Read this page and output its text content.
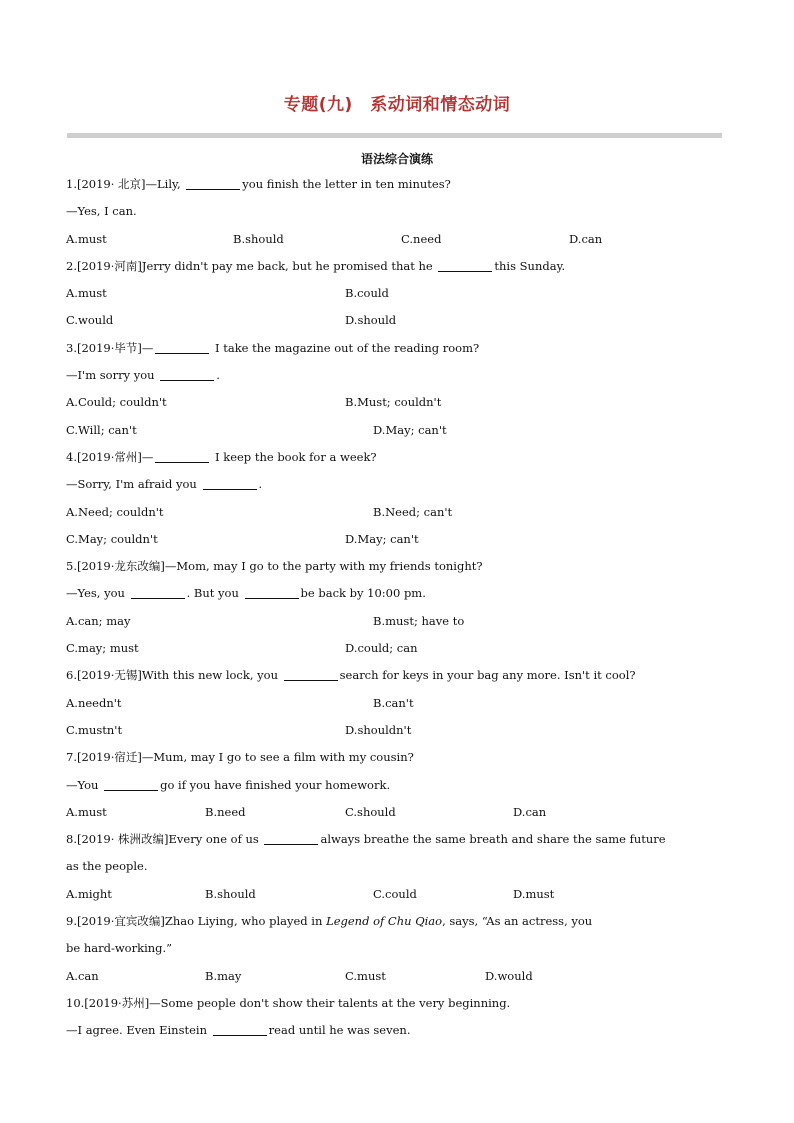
专题(九)　系动词和情态动词
语法综合演练
1.[2019· 北京]—Lily,	you finish the letter in ten minutes?
—Yes, I can.
A.must	B.should	C.need	D.can
2.[2019·河南]Jerry didn't pay me back, but he promised that he	this Sunday.
A.must	B.could
C.would	D.should
3.[2019·毕节]—	I take the magazine out of the reading room?
—I'm sorry you	.
A.Could; couldn't	B.Must; couldn't
C.Will; can't	D.May; can't
4.[2019·常州]—	I keep the book for a week?
—Sorry, I'm afraid you	.
A.Need; couldn't	B.Need; can't
C.May; couldn't	D.May; can't
5.[2019·龙东改编]—Mom, may I go to the party with my friends tonight?
—Yes, you	. But you	be back by 10:00 pm.
A.can; may	B.must; have to
C.may; must	D.could; can
6.[2019·无锡]With this new lock, you	search for keys in your bag any more. Isn't it cool?
A.needn't	B.can't
C.mustn't	D.shouldn't
7.[2019·宿迁]—Mum, may I go to see a film with my cousin?
—You	go if you have finished your homework.
A.must	B.need	C.should	D.can
8.[2019· 株洲改编]Every one of us	always breathe the same breath and share the same future
as the people.
A.might	B.should	C.could	D.must
9.[2019·宜宾改编]Zhao Liying, who played in Legend of Chu Qiao, says, “As an actress, you
be hard-working.”
A.can	B.may	C.must	D.would
10.[2019·苏州]—Some people don't show their talents at the very beginning.
—I agree. Even Einstein	read until he was seven.
